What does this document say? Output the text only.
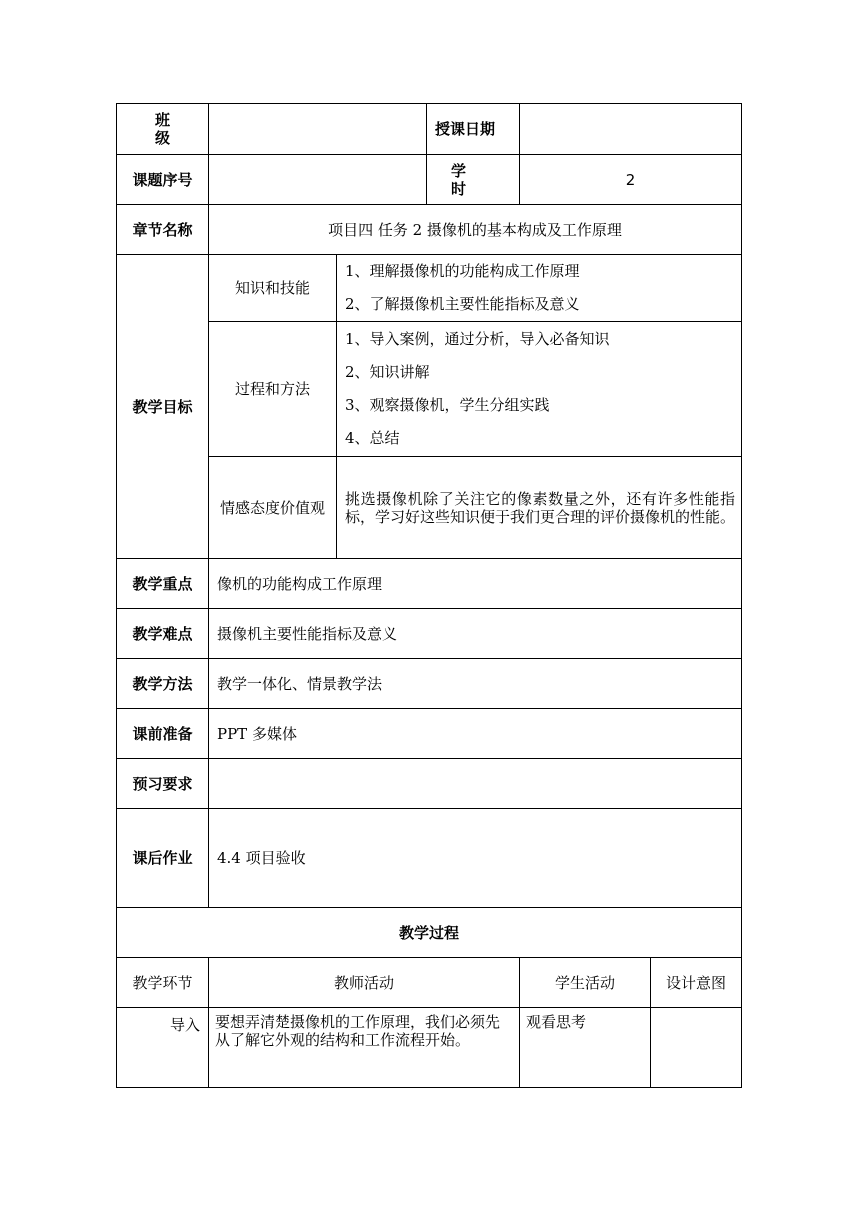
班级			授课日期		
课题序号			学时	2	
章节名称	项目四 任务 2 摄像机的基本构成及工作原理				
教学目标	知识和技能	1、理解摄像机的功能构成工作原理
2、了解摄像机主要性能指标及意义			

	过程和方法	1、导入案例，通过分析，导入必备知识
2、知识讲解
3、观察摄像机，学生分组实践
4、总结			

	情感态度价值观	挑选摄像机除了关注它的像素数量之外，还有许多性能指标，学习好这些知识便于我们更合理的评价摄像机的性能。			
教学重点	像机的功能构成工作原理				
教学难点	摄像机主要性能指标及意义				
教学方法	教学一体化、情景教学法				
课前准备	PPT 多媒体				
预习要求					
课后作业	4.4 项目验收				
教学过程					
教学环节	教师活动			学生活动	设计意图
导入	要想弄清楚摄像机的工作原理，我们必须先从了解它外观的结构和工作流程开始。			观看思考	
